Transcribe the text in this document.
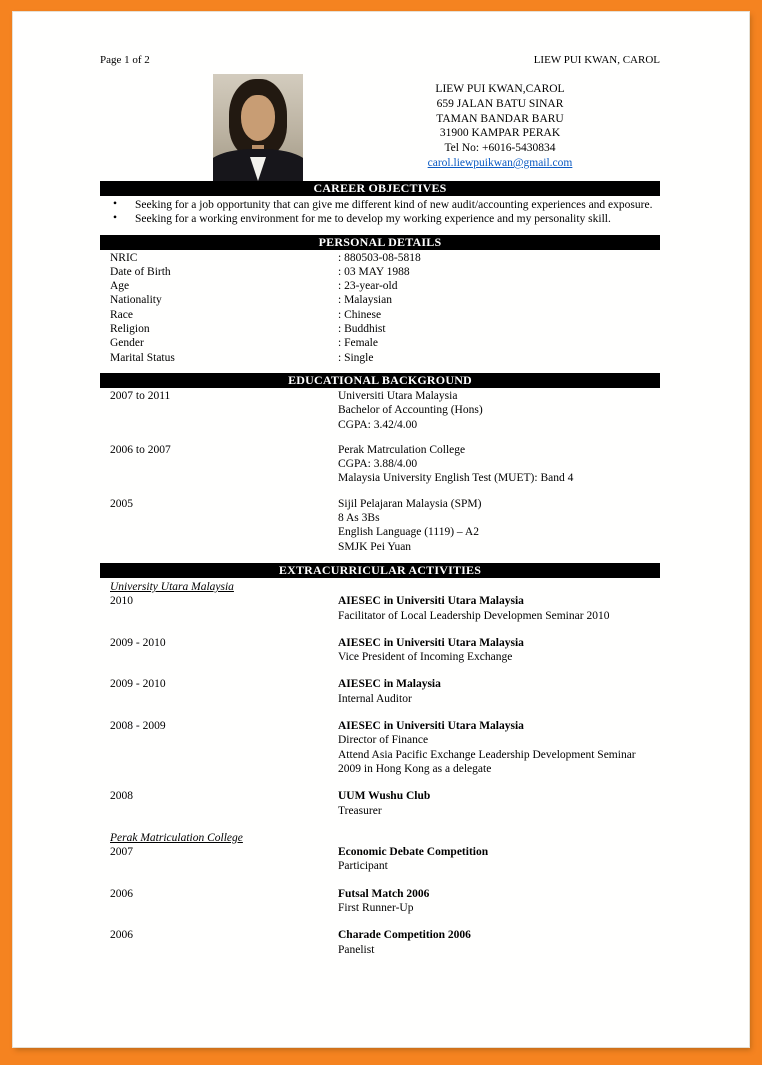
Page 1 of 2	LIEW PUI KWAN, CAROL
LIEW PUI KWAN,CAROL
659 JALAN BATU SINAR
TAMAN BANDAR BARU
31900 KAMPAR PERAK
Tel No: +6016-5430834
carol.liewpuikwan@gmail.com
CAREER OBJECTIVES
• Seeking for a job opportunity that can give me different kind of new audit/accounting experiences and exposure.
• Seeking for a working environment for me to develop my working experience and my personality skill.
PERSONAL DETAILS
NRIC	: 880503-08-5818
Date of Birth	: 03 MAY 1988
Age	: 23-year-old
Nationality	: Malaysian
Race	: Chinese
Religion	: Buddhist
Gender	: Female
Marital Status	: Single
EDUCATIONAL BACKGROUND
2007 to 2011	Universiti Utara Malaysia
Bachelor of Accounting (Hons)
CGPA: 3.42/4.00
2006 to 2007	Perak Matrculation College
CGPA: 3.88/4.00
Malaysia University English Test (MUET): Band 4
2005	Sijil Pelajaran Malaysia (SPM)
8 As 3Bs
English Language (1119) – A2
SMJK Pei Yuan
EXTRACURRICULAR ACTIVITIES
University Utara Malaysia
2010	AIESEC in Universiti Utara Malaysia
Facilitator of Local Leadership Developmen Seminar 2010
2009 - 2010	AIESEC in Universiti Utara Malaysia
Vice President of Incoming Exchange
2009 - 2010	AIESEC in Malaysia
Internal Auditor
2008 - 2009	AIESEC in Universiti Utara Malaysia
Director of Finance
Attend Asia Pacific Exchange Leadership Development Seminar 2009 in Hong Kong as a delegate
2008	UUM Wushu Club
Treasurer
Perak Matriculation College
2007	Economic Debate Competition
Participant
2006	Futsal Match 2006
First Runner-Up
2006	Charade Competition 2006
Panelist
